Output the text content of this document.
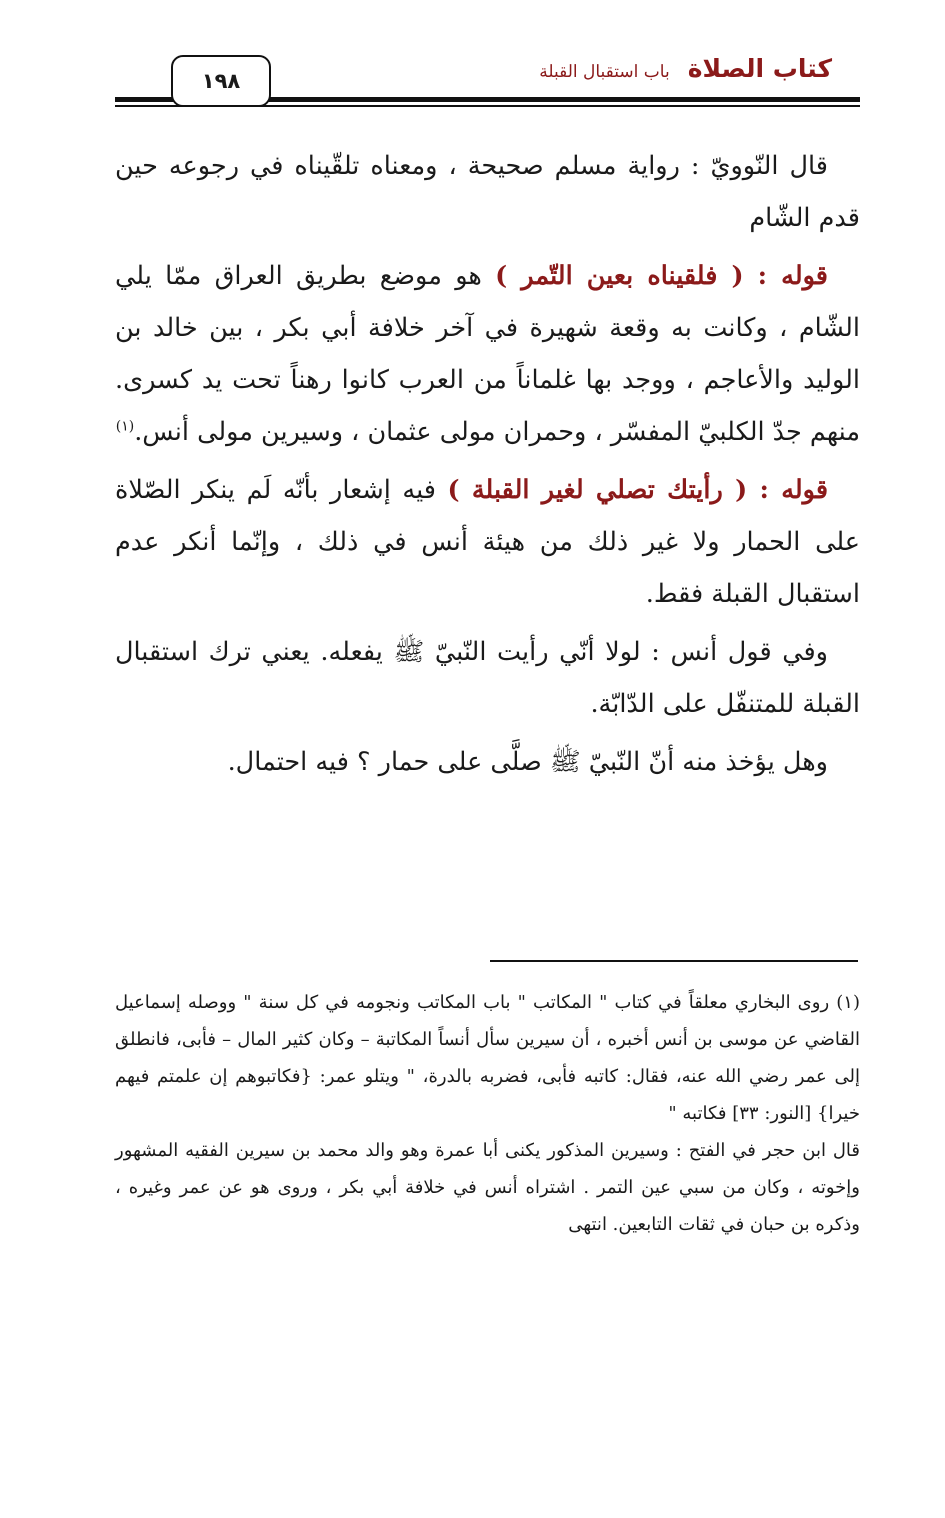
كتاب الصلاة
باب استقبال القبلة
١٩٨

قال النّوويّ : رواية مسلم صحيحة ، ومعناه تلقّيناه في رجوعه حين قدم الشّام

قوله : ( فلقيناه بعين التّمر ) هو موضع بطريق العراق ممّا يلي الشّام ، وكانت به وقعة شهيرة في آخر خلافة أبي بكر ، بين خالد بن الوليد والأعاجم ، ووجد بها غلماناً من العرب كانوا رهناً تحت يد كسرى. منهم جدّ الكلبيّ المفسّر ، وحمران مولى عثمان ، وسيرين مولى أنس.$^{(١)}$

قوله : ( رأيتك تصلي لغير القبلة ) فيه إشعار بأنّه لَم ينكر الصّلاة على الحمار ولا غير ذلك من هيئة أنس في ذلك ، وإنّما أنكر عدم استقبال القبلة فقط.

وفي قول أنس : لولا أنّي رأيت النّبيّ ﷺ يفعله. يعني ترك استقبال القبلة للمتنفّل على الدّابّة.

وهل يؤخذ منه أنّ النّبيّ ﷺ صلَّى على حمار ؟ فيه احتمال.

(١) روى البخاري معلقاً في كتاب " المكاتب " باب المكاتب ونجومه في كل سنة " ووصله إسماعيل القاضي عن موسى بن أنس أخبره ، أن سيرين سأل أنساً المكاتبة – وكان كثير المال – فأبى، فانطلق إلى عمر رضي الله عنه، فقال: كاتبه فأبى، فضربه بالدرة، " ويتلو عمر: {فكاتبوهم إن علمتم فيهم خيرا} [النور: ٣٣] فكاتبه "

قال ابن حجر في الفتح : وسيرين المذكور يكنى أبا عمرة وهو والد محمد بن سيرين الفقيه المشهور وإخوته ، وكان من سبي عين التمر . اشتراه أنس في خلافة أبي بكر ، وروى هو عن عمر وغيره ، وذكره بن حبان في ثقات التابعين. انتهى
